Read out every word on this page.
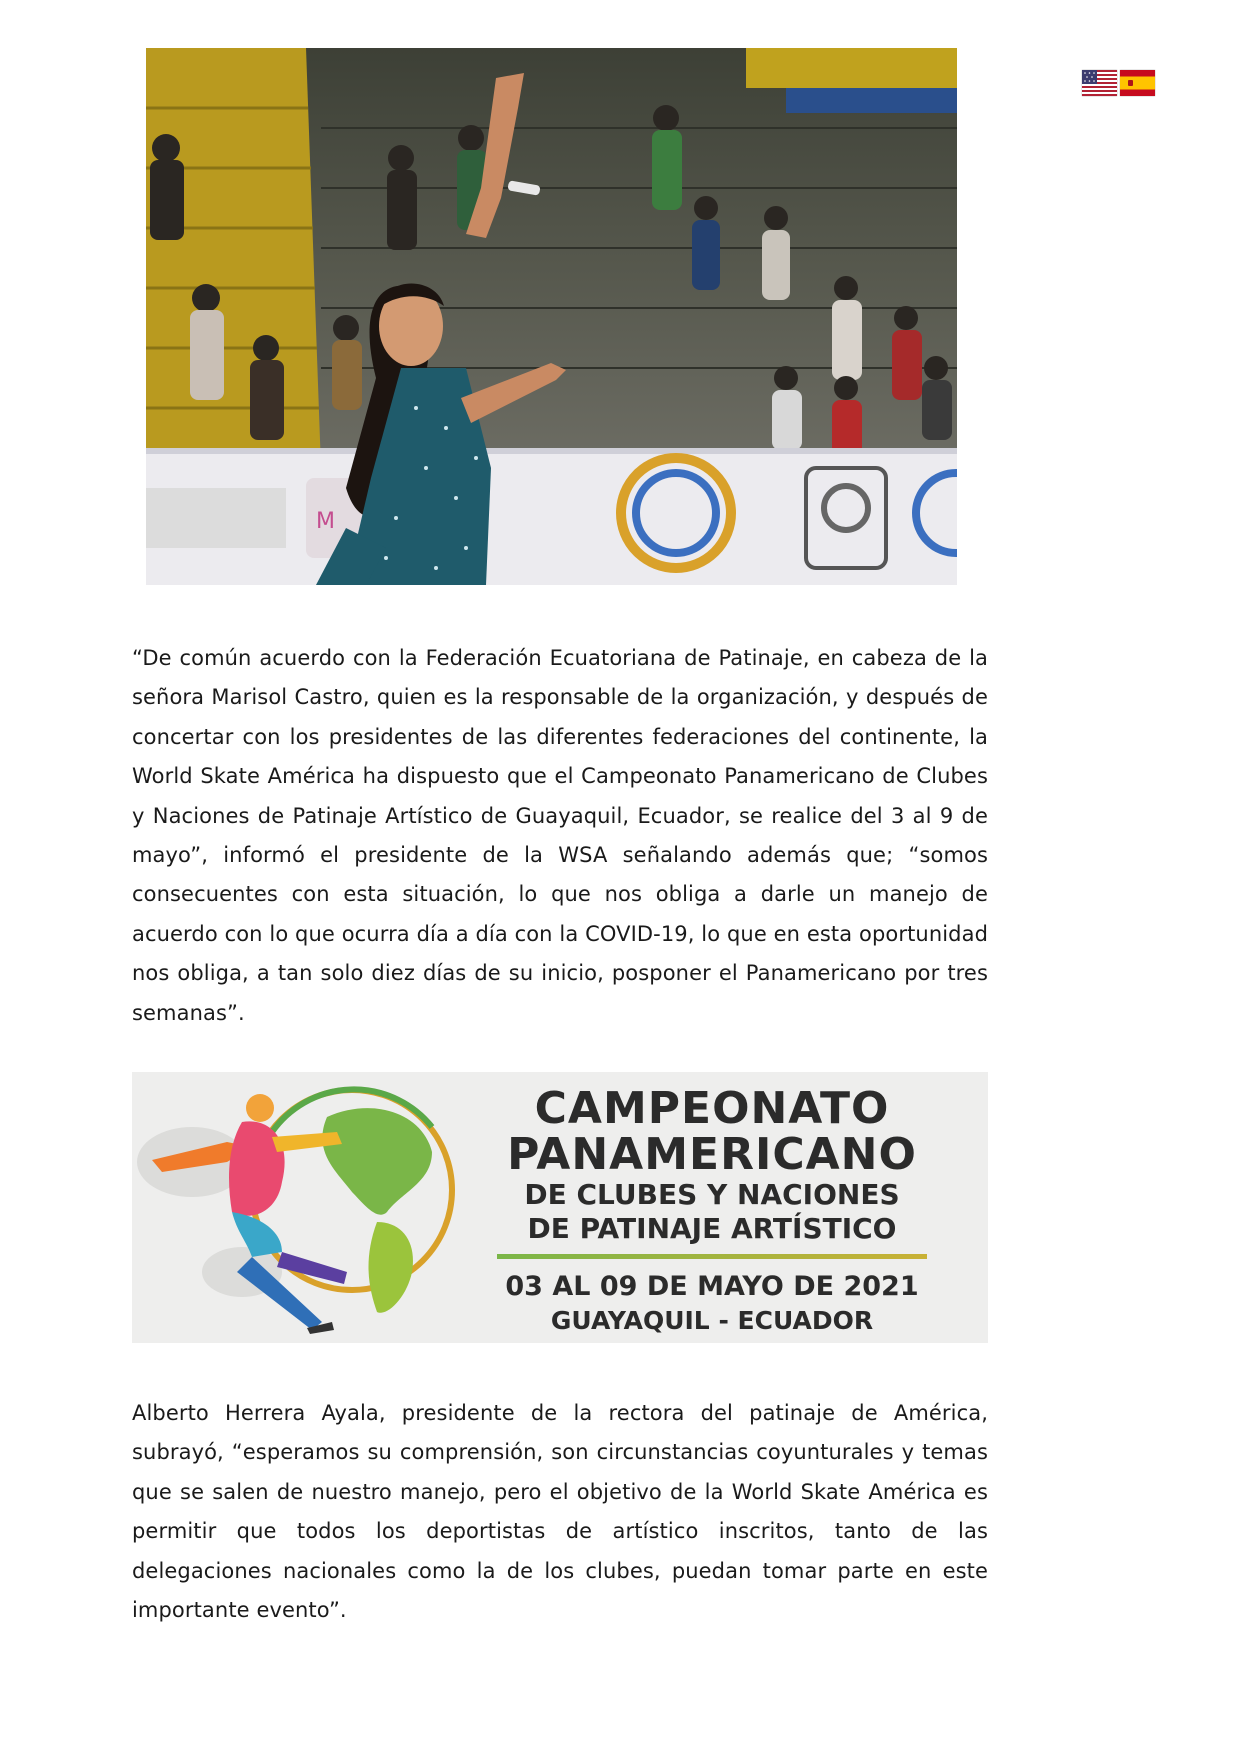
M

“De común acuerdo con la Federación Ecuatoriana de Patinaje, en cabeza de la señora Marisol Castro, quien es la responsable de la organización, y después de concertar con los presidentes de las diferentes federaciones del continente, la World Skate América ha dispuesto que el Campeonato Panamericano de Clubes y Naciones de Patinaje Artístico de Guayaquil, Ecuador, se realice del 3 al 9 de mayo”, informó el presidente de la WSA señalando además que; “somos consecuentes con esta situación, lo que nos obliga a darle un manejo de acuerdo con lo que ocurra día a día con la COVID-19, lo que en esta oportunidad nos obliga, a tan solo diez días de su inicio, posponer el Panamericano por tres semanas”.

CAMPEONATO
PANAMERICANO
DE CLUBES Y NACIONES
DE PATINAJE ARTÍSTICO
03 AL 09 DE MAYO DE 2021
GUAYAQUIL - ECUADOR

Alberto Herrera Ayala, presidente de la rectora del patinaje de América, subrayó, “esperamos su comprensión, son circunstancias coyunturales y temas que se salen de nuestro manejo, pero el objetivo de la World Skate América es permitir que todos los deportistas de artístico inscritos, tanto de las delegaciones nacionales como la de los clubes, puedan tomar parte en este importante evento”.
